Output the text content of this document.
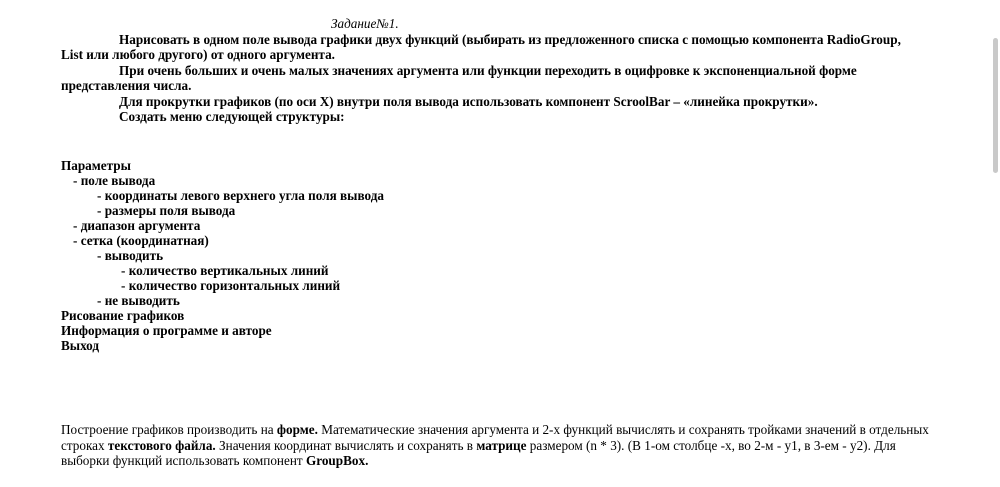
Задание№1.
Нарисовать в одном поле вывода графики двух функций (выбирать из предложенного списка с помощью компонента RadioGroup,
List или любого другого) от одного аргумента.
При очень больших и очень малых значениях аргумента или функции переходить в оцифровке к экспоненциальной форме
представления числа.
Для прокрутки графиков (по оси X) внутри поля вывода использовать компонент ScroolBar – «линейка прокрутки».
Создать меню следующей структуры:
Параметры
- поле вывода
- координаты левого верхнего угла поля вывода
- размеры поля вывода
- диапазон аргумента
- сетка (координатная)
- выводить
- количество вертикальных линий
- количество горизонтальных линий
- не выводить
Рисование графиков
Информация о программе и авторе
Выход
Построение графиков производить на форме. Математические значения аргумента и 2-х функций вычислять и сохранять тройками значений в отдельных строках текстового файла. Значения координат вычислять и сохранять в матрице размером (n * 3). (В 1-ом столбце -х, во 2-м - у1, в 3-ем - у2). Для выборки функций использовать компонент GroupBox.
